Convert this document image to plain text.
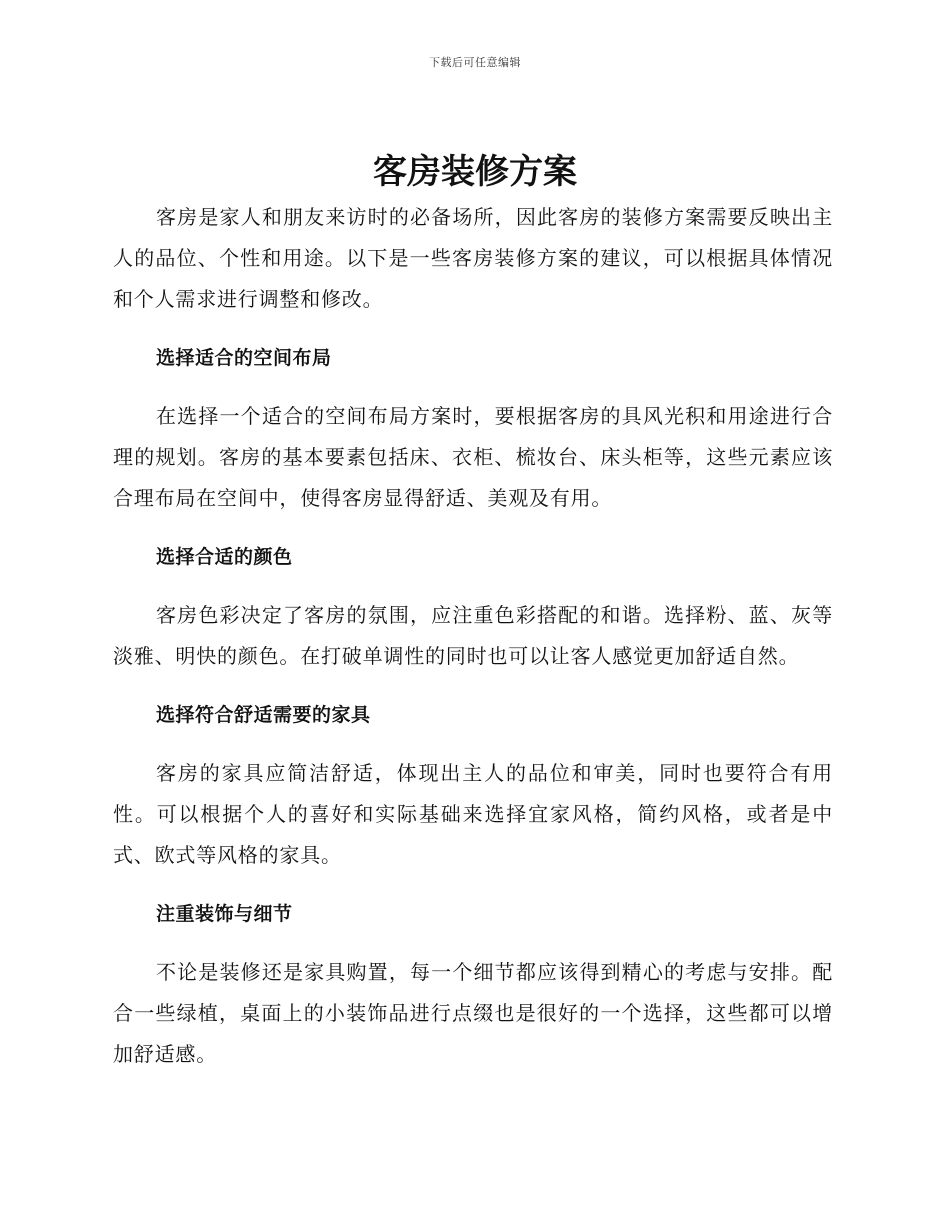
下载后可任意编辑
客房装修方案

客房是家人和朋友来访时的必备场所，因此客房的装修方案需要反映出主人的品位、个性和用途。以下是一些客房装修方案的建议，可以根据具体情况和个人需求进行调整和修改。

选择适合的空间布局

在选择一个适合的空间布局方案时，要根据客房的具风光积和用途进行合理的规划。客房的基本要素包括床、衣柜、梳妆台、床头柜等，这些元素应该合理布局在空间中，使得客房显得舒适、美观及有用。

选择合适的颜色

客房色彩决定了客房的氛围，应注重色彩搭配的和谐。选择粉、蓝、灰等淡雅、明快的颜色。在打破单调性的同时也可以让客人感觉更加舒适自然。

选择符合舒适需要的家具

客房的家具应简洁舒适，体现出主人的品位和审美，同时也要符合有用性。可以根据个人的喜好和实际基础来选择宜家风格，简约风格，或者是中式、欧式等风格的家具。

注重装饰与细节

不论是装修还是家具购置，每一个细节都应该得到精心的考虑与安排。配合一些绿植，桌面上的小装饰品进行点缀也是很好的一个选择，这些都可以增加舒适感。
